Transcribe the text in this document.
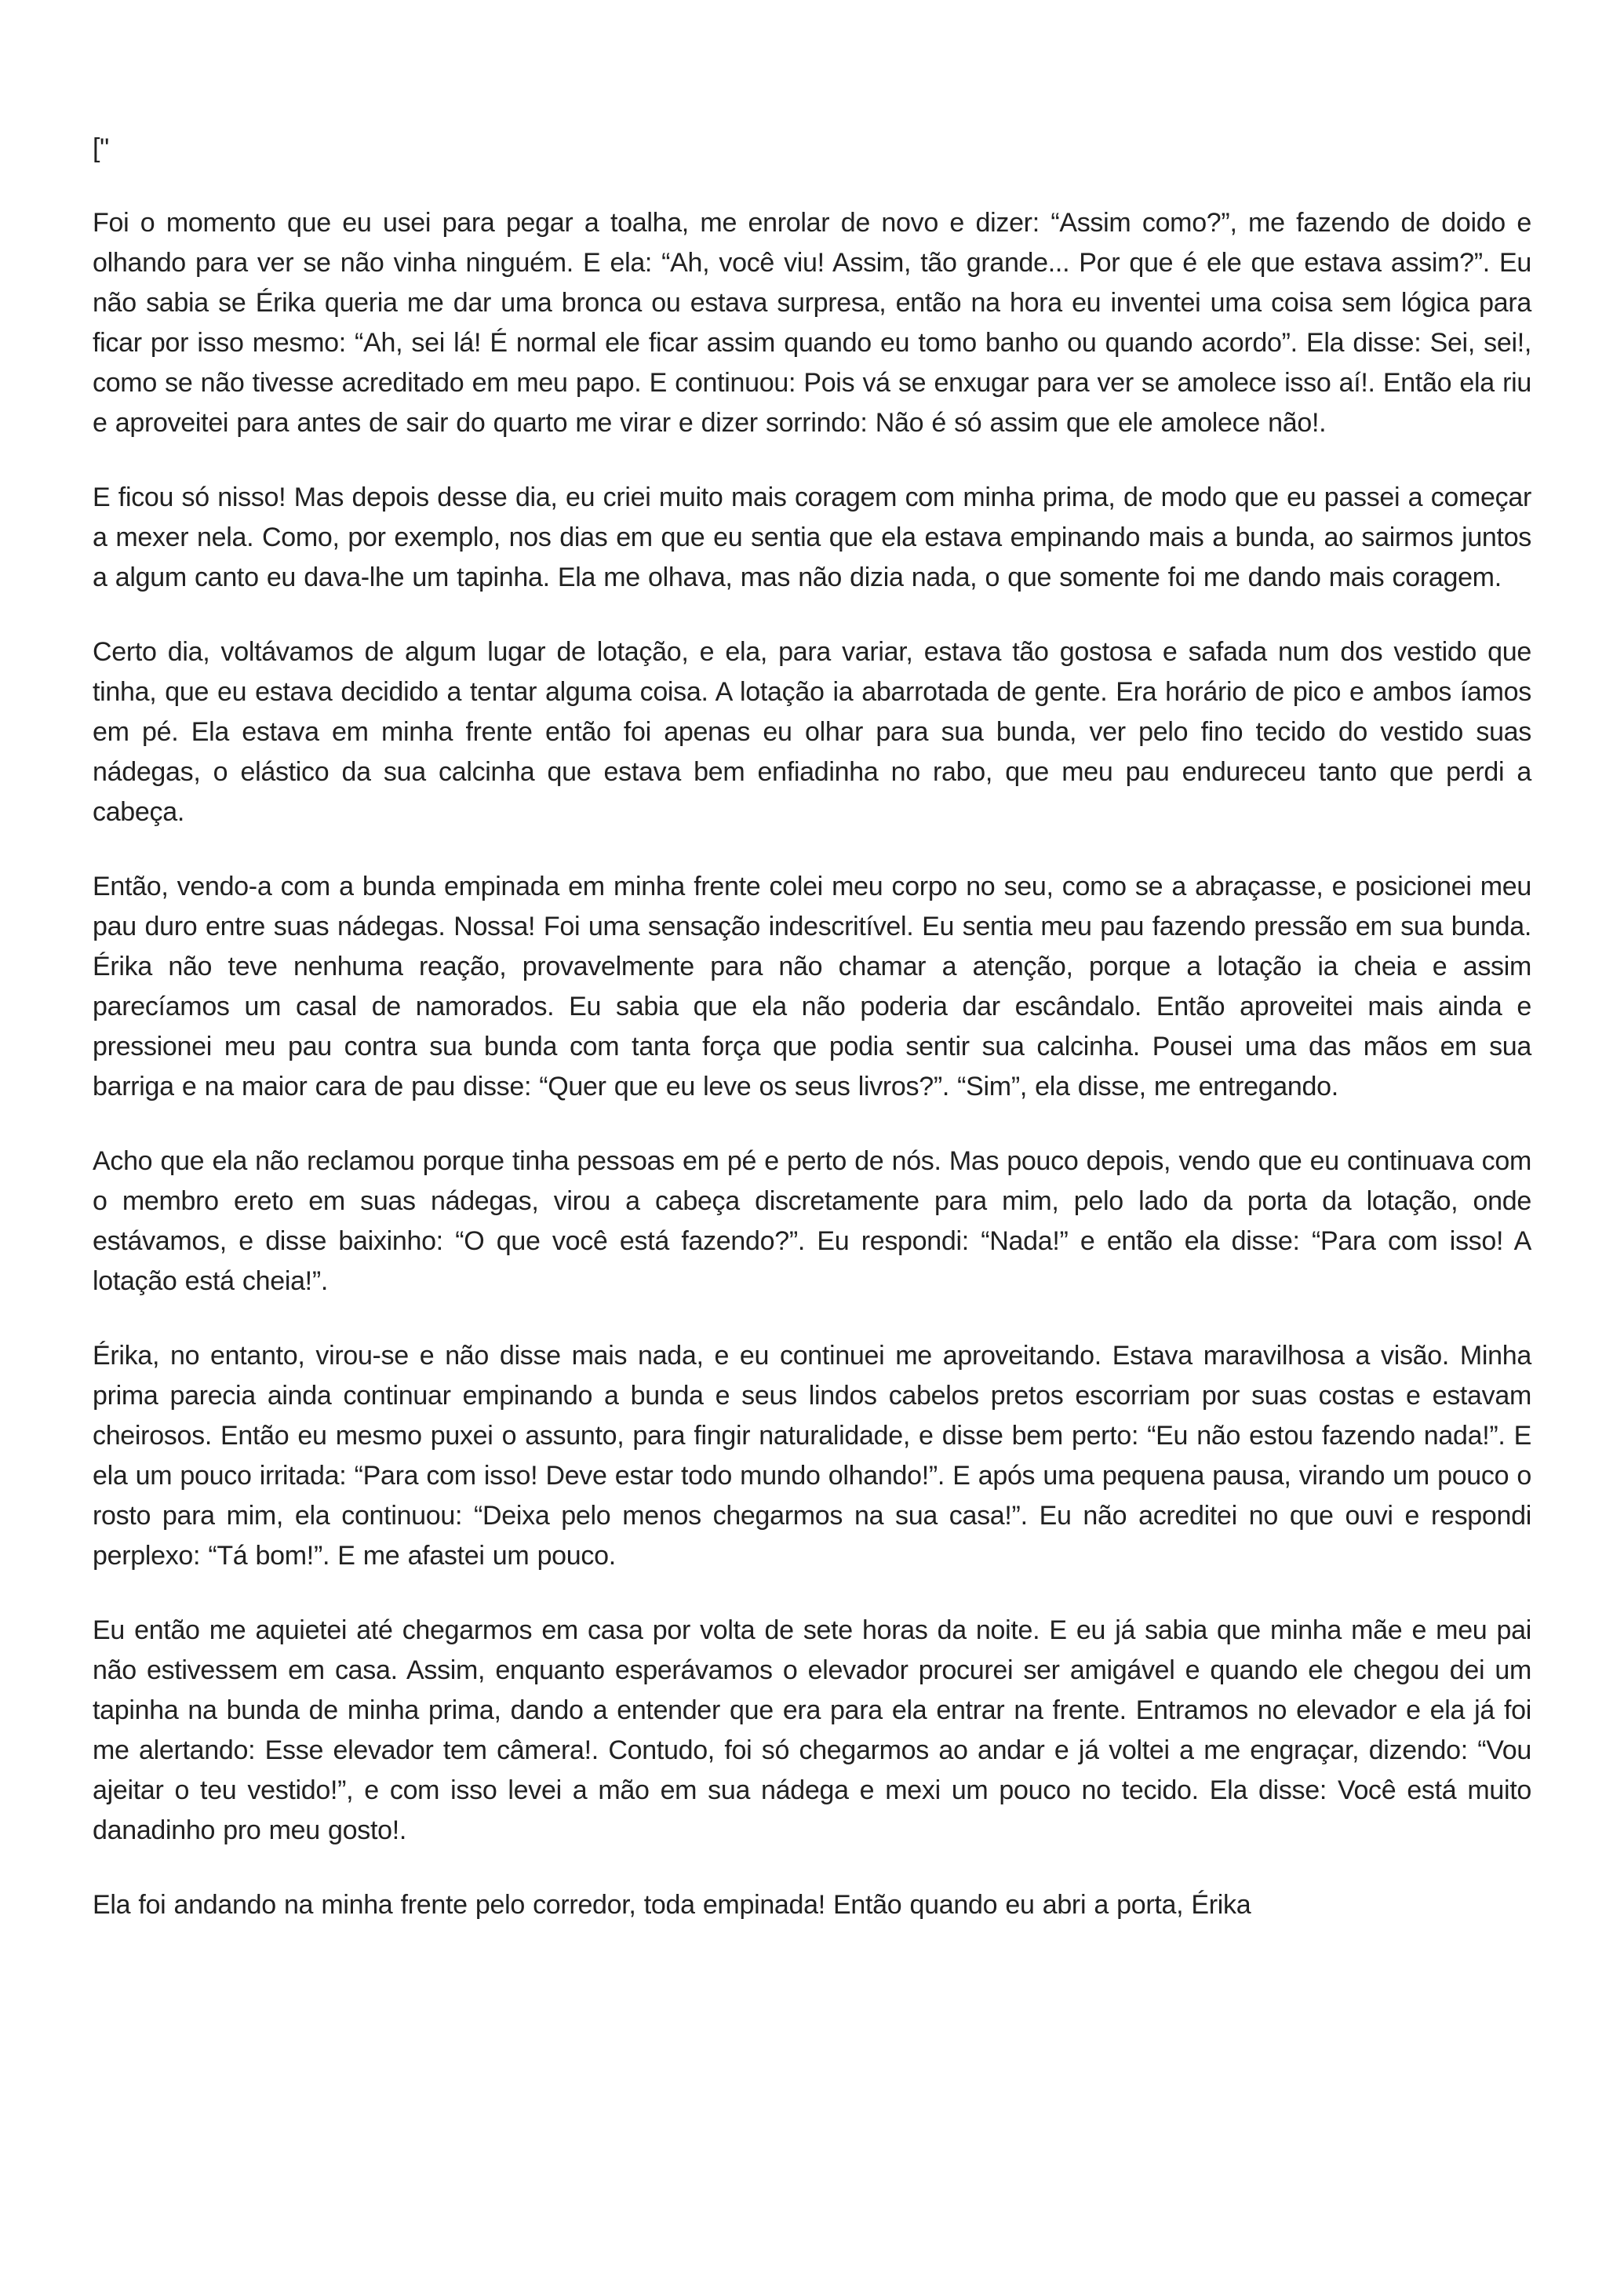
["

Foi o momento que eu usei para pegar a toalha, me enrolar de novo e dizer: “Assim como?”, me fazendo de doido e olhando para ver se não vinha ninguém. E ela: “Ah, você viu! Assim, tão grande... Por que é ele que estava assim?”. Eu não sabia se Érika queria me dar uma bronca ou estava surpresa, então na hora eu inventei uma coisa sem lógica para ficar por isso mesmo: “Ah, sei lá! É normal ele ficar assim quando eu tomo banho ou quando acordo”. Ela disse: Sei, sei!, como se não tivesse acreditado em meu papo. E continuou: Pois vá se enxugar para ver se amolece isso aí!. Então ela riu e aproveitei para antes de sair do quarto me virar e dizer sorrindo: Não é só assim que ele amolece não!.

E ficou só nisso! Mas depois desse dia, eu criei muito mais coragem com minha prima, de modo que eu passei a começar a mexer nela. Como, por exemplo, nos dias em que eu sentia que ela estava empinando mais a bunda, ao sairmos juntos a algum canto eu dava-lhe um tapinha. Ela me olhava, mas não dizia nada, o que somente foi me dando mais coragem.

Certo dia, voltávamos de algum lugar de lotação, e ela, para variar, estava tão gostosa e safada num dos vestido que tinha, que eu estava decidido a tentar alguma coisa. A lotação ia abarrotada de gente. Era horário de pico e ambos íamos em pé. Ela estava em minha frente então foi apenas eu olhar para sua bunda, ver pelo fino tecido do vestido suas nádegas, o elástico da sua calcinha que estava bem enfiadinha no rabo, que meu pau endureceu tanto que perdi a cabeça.

Então, vendo-a com a bunda empinada em minha frente colei meu corpo no seu, como se a abraçasse, e posicionei meu pau duro entre suas nádegas. Nossa! Foi uma sensação indescritível. Eu sentia meu pau fazendo pressão em sua bunda. Érika não teve nenhuma reação, provavelmente para não chamar a atenção, porque a lotação ia cheia e assim parecíamos um casal de namorados. Eu sabia que ela não poderia dar escândalo. Então aproveitei mais ainda e pressionei meu pau contra sua bunda com tanta força que podia sentir sua calcinha. Pousei uma das mãos em sua barriga e na maior cara de pau disse: “Quer que eu leve os seus livros?”. “Sim”, ela disse, me entregando.

Acho que ela não reclamou porque tinha pessoas em pé e perto de nós. Mas pouco depois, vendo que eu continuava com o membro ereto em suas nádegas, virou a cabeça discretamente para mim, pelo lado da porta da lotação, onde estávamos, e disse baixinho: “O que você está fazendo?”. Eu respondi: “Nada!” e então ela disse: “Para com isso! A lotação está cheia!”.

Érika, no entanto, virou-se e não disse mais nada, e eu continuei me aproveitando. Estava maravilhosa a visão. Minha prima parecia ainda continuar empinando a bunda e seus lindos cabelos pretos escorriam por suas costas e estavam cheirosos. Então eu mesmo puxei o assunto, para fingir naturalidade, e disse bem perto: “Eu não estou fazendo nada!”. E ela um pouco irritada: “Para com isso! Deve estar todo mundo olhando!”. E após uma pequena pausa, virando um pouco o rosto para mim, ela continuou: “Deixa pelo menos chegarmos na sua casa!”. Eu não acreditei no que ouvi e respondi perplexo: “Tá bom!”. E me afastei um pouco.

Eu então me aquietei até chegarmos em casa por volta de sete horas da noite. E eu já sabia que minha mãe e meu pai não estivessem em casa. Assim, enquanto esperávamos o elevador procurei ser amigável e quando ele chegou dei um tapinha na bunda de minha prima, dando a entender que era para ela entrar na frente. Entramos no elevador e ela já foi me alertando: Esse elevador tem câmera!. Contudo, foi só chegarmos ao andar e já voltei a me engraçar, dizendo: “Vou ajeitar o teu vestido!”, e com isso levei a mão em sua nádega e mexi um pouco no tecido. Ela disse: Você está muito danadinho pro meu gosto!.

Ela foi andando na minha frente pelo corredor, toda empinada! Então quando eu abri a porta, Érika
